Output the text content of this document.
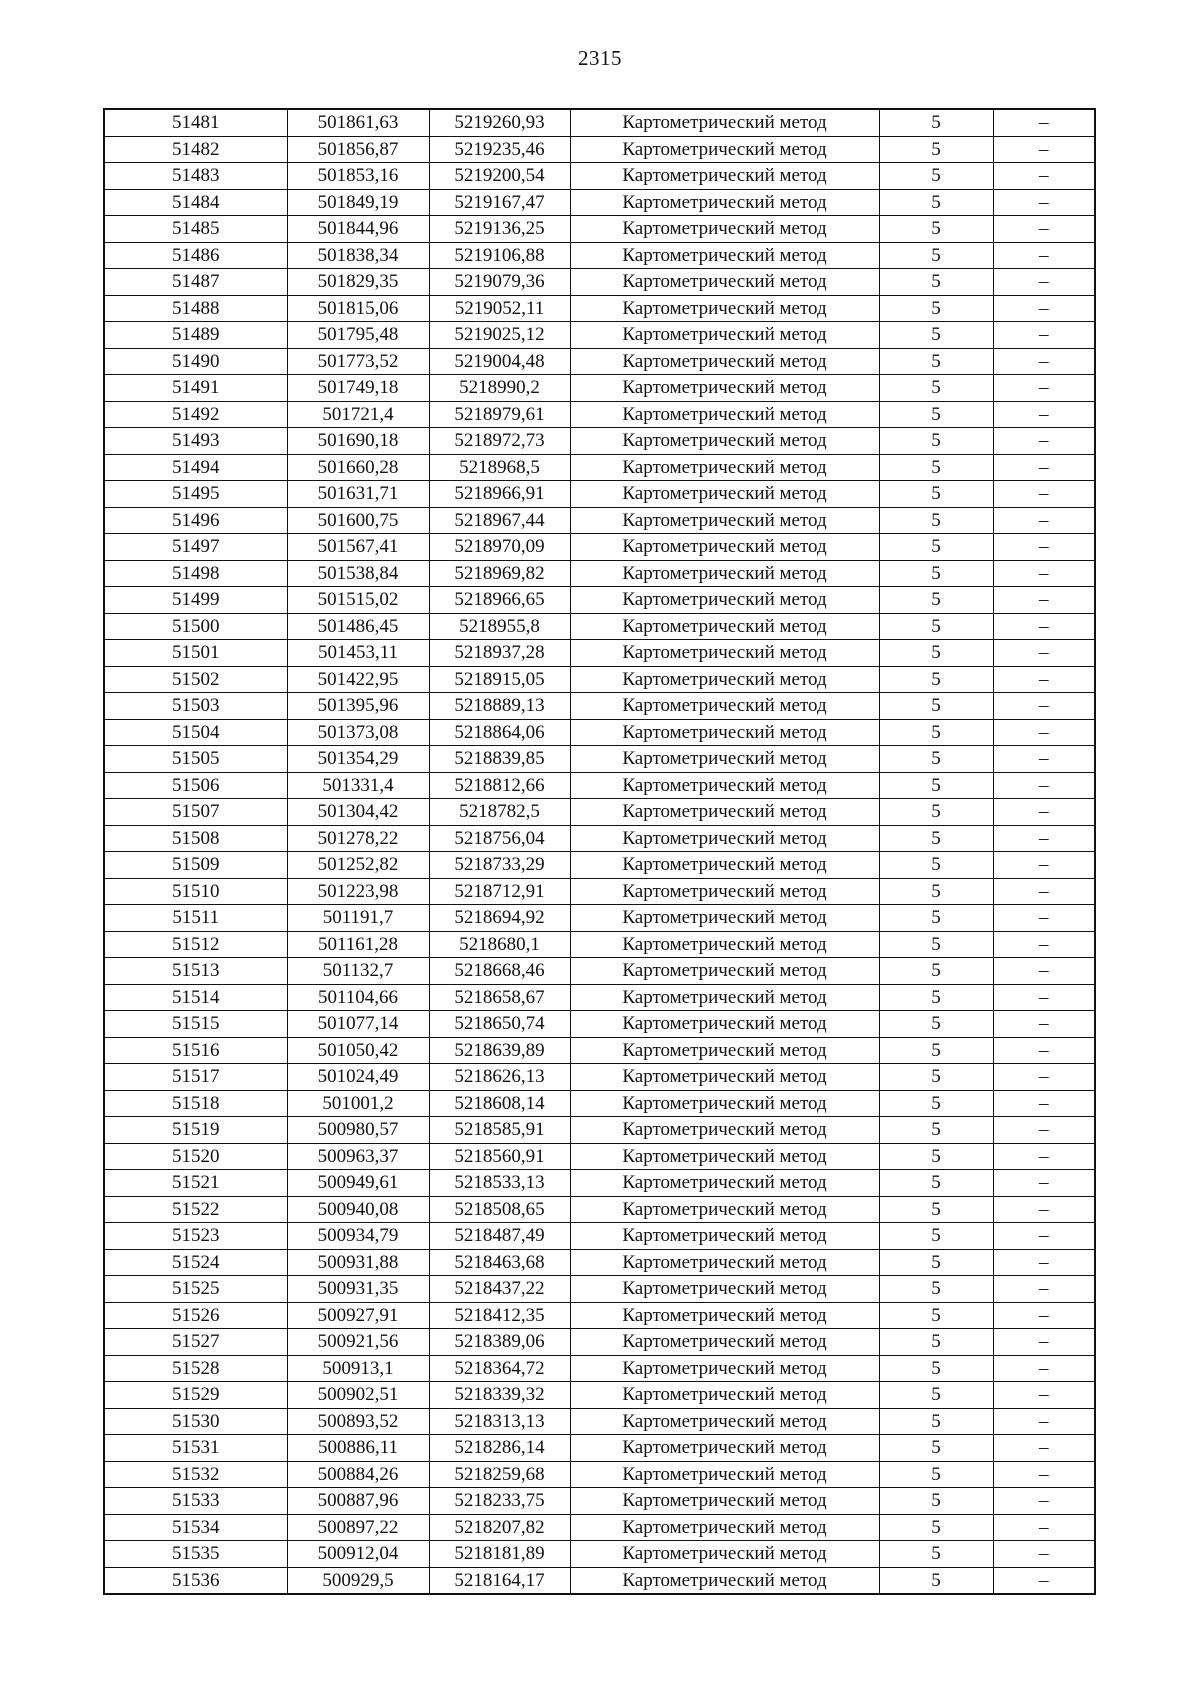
2315
51481	501861,63	5219260,93	Картометрический метод	5	–
51482	501856,87	5219235,46	Картометрический метод	5	–
51483	501853,16	5219200,54	Картометрический метод	5	–
51484	501849,19	5219167,47	Картометрический метод	5	–
51485	501844,96	5219136,25	Картометрический метод	5	–
51486	501838,34	5219106,88	Картометрический метод	5	–
51487	501829,35	5219079,36	Картометрический метод	5	–
51488	501815,06	5219052,11	Картометрический метод	5	–
51489	501795,48	5219025,12	Картометрический метод	5	–
51490	501773,52	5219004,48	Картометрический метод	5	–
51491	501749,18	5218990,2	Картометрический метод	5	–
51492	501721,4	5218979,61	Картометрический метод	5	–
51493	501690,18	5218972,73	Картометрический метод	5	–
51494	501660,28	5218968,5	Картометрический метод	5	–
51495	501631,71	5218966,91	Картометрический метод	5	–
51496	501600,75	5218967,44	Картометрический метод	5	–
51497	501567,41	5218970,09	Картометрический метод	5	–
51498	501538,84	5218969,82	Картометрический метод	5	–
51499	501515,02	5218966,65	Картометрический метод	5	–
51500	501486,45	5218955,8	Картометрический метод	5	–
51501	501453,11	5218937,28	Картометрический метод	5	–
51502	501422,95	5218915,05	Картометрический метод	5	–
51503	501395,96	5218889,13	Картометрический метод	5	–
51504	501373,08	5218864,06	Картометрический метод	5	–
51505	501354,29	5218839,85	Картометрический метод	5	–
51506	501331,4	5218812,66	Картометрический метод	5	–
51507	501304,42	5218782,5	Картометрический метод	5	–
51508	501278,22	5218756,04	Картометрический метод	5	–
51509	501252,82	5218733,29	Картометрический метод	5	–
51510	501223,98	5218712,91	Картометрический метод	5	–
51511	501191,7	5218694,92	Картометрический метод	5	–
51512	501161,28	5218680,1	Картометрический метод	5	–
51513	501132,7	5218668,46	Картометрический метод	5	–
51514	501104,66	5218658,67	Картометрический метод	5	–
51515	501077,14	5218650,74	Картометрический метод	5	–
51516	501050,42	5218639,89	Картометрический метод	5	–
51517	501024,49	5218626,13	Картометрический метод	5	–
51518	501001,2	5218608,14	Картометрический метод	5	–
51519	500980,57	5218585,91	Картометрический метод	5	–
51520	500963,37	5218560,91	Картометрический метод	5	–
51521	500949,61	5218533,13	Картометрический метод	5	–
51522	500940,08	5218508,65	Картометрический метод	5	–
51523	500934,79	5218487,49	Картометрический метод	5	–
51524	500931,88	5218463,68	Картометрический метод	5	–
51525	500931,35	5218437,22	Картометрический метод	5	–
51526	500927,91	5218412,35	Картометрический метод	5	–
51527	500921,56	5218389,06	Картометрический метод	5	–
51528	500913,1	5218364,72	Картометрический метод	5	–
51529	500902,51	5218339,32	Картометрический метод	5	–
51530	500893,52	5218313,13	Картометрический метод	5	–
51531	500886,11	5218286,14	Картометрический метод	5	–
51532	500884,26	5218259,68	Картометрический метод	5	–
51533	500887,96	5218233,75	Картометрический метод	5	–
51534	500897,22	5218207,82	Картометрический метод	5	–
51535	500912,04	5218181,89	Картометрический метод	5	–
51536	500929,5	5218164,17	Картометрический метод	5	–
